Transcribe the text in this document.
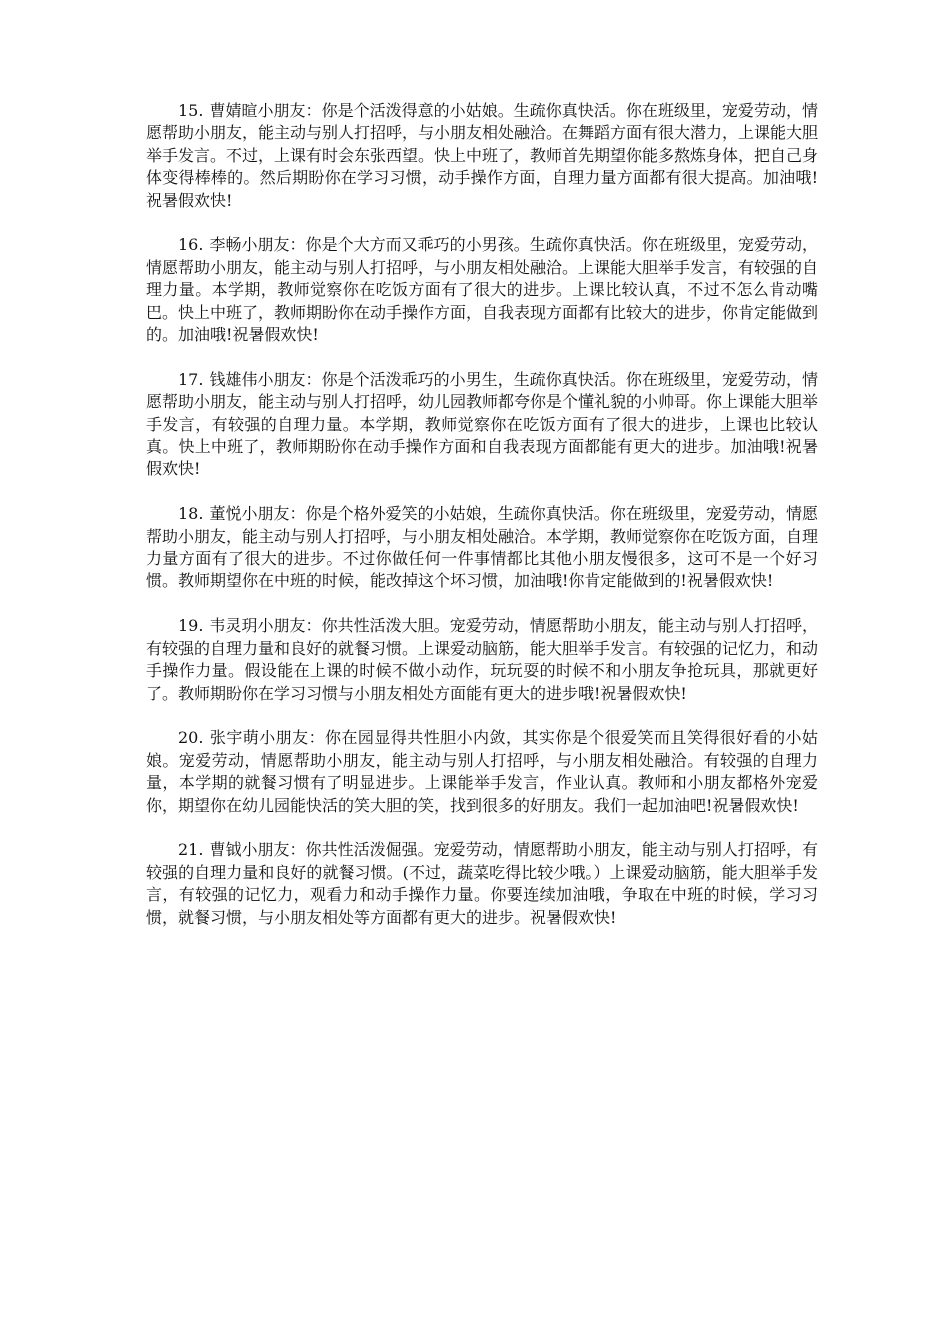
15. 曹婧暄小朋友：你是个活泼得意的小姑娘。生疏你真快活。你在班级里，宠爱劳动，情愿帮助小朋友，能主动与别人打招呼，与小朋友相处融洽。在舞蹈方面有很大潜力，上课能大胆举手发言。不过，上课有时会东张西望。快上中班了，教师首先期望你能多熬炼身体，把自己身体变得棒棒的。然后期盼你在学习习惯，动手操作方面，自理力量方面都有很大提高。加油哦!祝暑假欢快!

16. 李畅小朋友：你是个大方而又乖巧的小男孩。生疏你真快活。你在班级里，宠爱劳动，情愿帮助小朋友，能主动与别人打招呼，与小朋友相处融洽。上课能大胆举手发言，有较强的自理力量。本学期，教师觉察你在吃饭方面有了很大的进步。上课比较认真，不过不怎么肯动嘴巴。快上中班了，教师期盼你在动手操作方面，自我表现方面都有比较大的进步，你肯定能做到的。加油哦!祝暑假欢快!

17. 钱雄伟小朋友：你是个活泼乖巧的小男生，生疏你真快活。你在班级里，宠爱劳动，情愿帮助小朋友，能主动与别人打招呼，幼儿园教师都夸你是个懂礼貌的小帅哥。你上课能大胆举手发言，有较强的自理力量。本学期，教师觉察你在吃饭方面有了很大的进步，上课也比较认真。快上中班了，教师期盼你在动手操作方面和自我表现方面都能有更大的进步。加油哦!祝暑假欢快!

18. 董悦小朋友：你是个格外爱笑的小姑娘，生疏你真快活。你在班级里，宠爱劳动，情愿帮助小朋友，能主动与别人打招呼，与小朋友相处融洽。本学期，教师觉察你在吃饭方面，自理力量方面有了很大的进步。不过你做任何一件事情都比其他小朋友慢很多，这可不是一个好习惯。教师期望你在中班的时候，能改掉这个坏习惯，加油哦!你肯定能做到的!祝暑假欢快!

19. 韦灵玥小朋友：你共性活泼大胆。宠爱劳动，情愿帮助小朋友，能主动与别人打招呼，有较强的自理力量和良好的就餐习惯。上课爱动脑筋，能大胆举手发言。有较强的记忆力，和动手操作力量。假设能在上课的时候不做小动作，玩玩耍的时候不和小朋友争抢玩具，那就更好了。教师期盼你在学习习惯与小朋友相处方面能有更大的进步哦!祝暑假欢快!

20. 张宇萌小朋友：你在园显得共性胆小内敛，其实你是个很爱笑而且笑得很好看的小姑娘。宠爱劳动，情愿帮助小朋友，能主动与别人打招呼，与小朋友相处融洽。有较强的自理力量，本学期的就餐习惯有了明显进步。上课能举手发言，作业认真。教师和小朋友都格外宠爱你，期望你在幼儿园能快活的笑大胆的笑，找到很多的好朋友。我们一起加油吧!祝暑假欢快!

21. 曹钺小朋友：你共性活泼倔强。宠爱劳动，情愿帮助小朋友，能主动与别人打招呼，有较强的自理力量和良好的就餐习惯。(不过，蔬菜吃得比较少哦。）上课爱动脑筋，能大胆举手发言，有较强的记忆力，观看力和动手操作力量。你要连续加油哦，争取在中班的时候，学习习惯，就餐习惯，与小朋友相处等方面都有更大的进步。祝暑假欢快!
